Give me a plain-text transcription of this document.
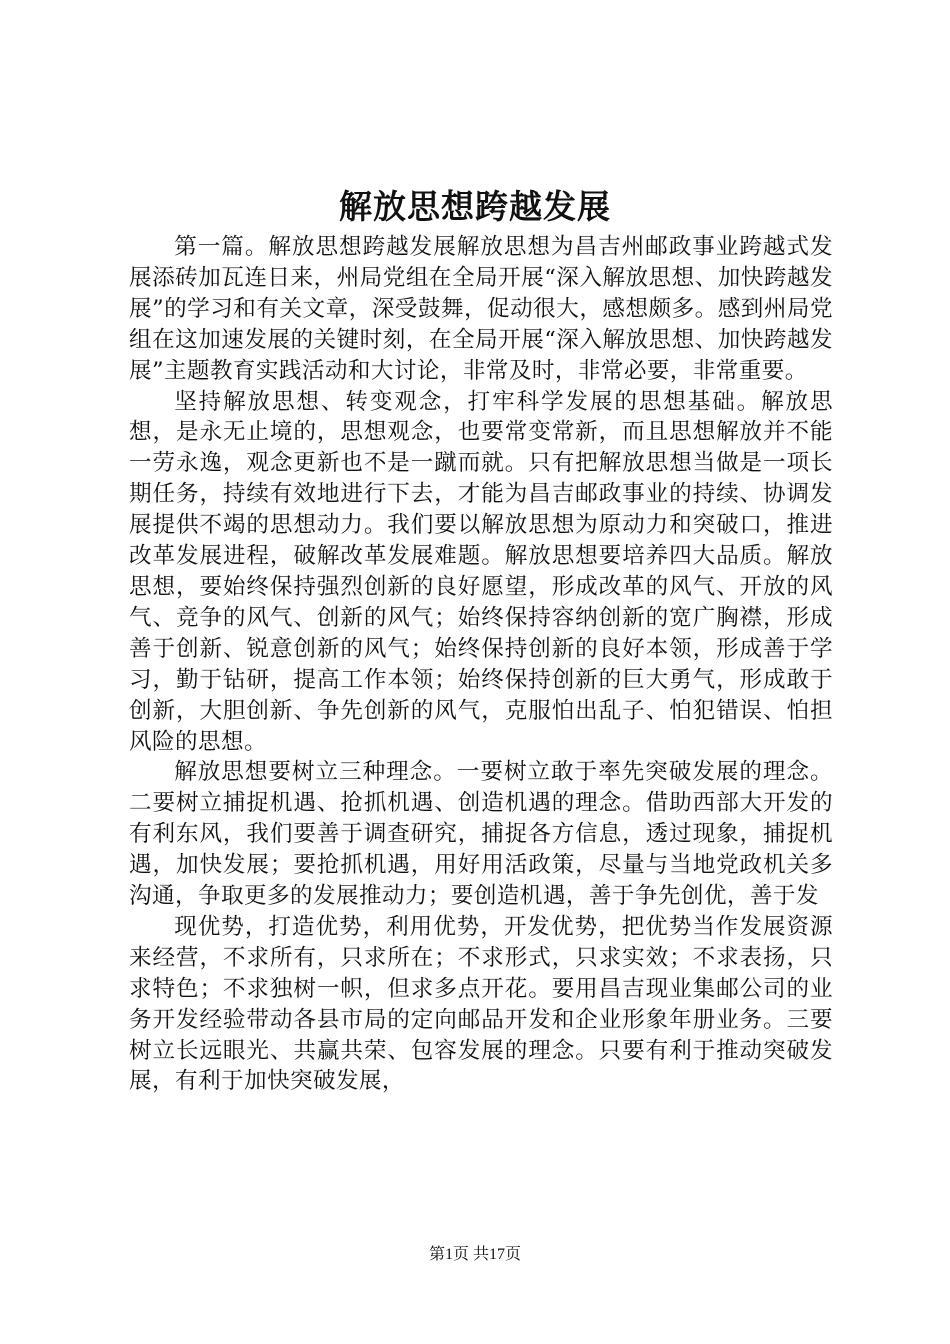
解放思想跨越发展

第一篇。解放思想跨越发展解放思想为昌吉州邮政事业跨越式发展添砖加瓦连日来，州局党组在全局开展“深入解放思想、加快跨越发展”的学习和有关文章，深受鼓舞，促动很大，感想颇多。感到州局党组在这加速发展的关键时刻，在全局开展“深入解放思想、加快跨越发展”主题教育实践活动和大讨论，非常及时，非常必要，非常重要。

坚持解放思想、转变观念，打牢科学发展的思想基础。解放思想，是永无止境的，思想观念，也要常变常新，而且思想解放并不能一劳永逸，观念更新也不是一蹴而就。只有把解放思想当做是一项长期任务，持续有效地进行下去，才能为昌吉邮政事业的持续、协调发展提供不竭的思想动力。我们要以解放思想为原动力和突破口，推进改革发展进程，破解改革发展难题。解放思想要培养四大品质。解放思想，要始终保持强烈创新的良好愿望，形成改革的风气、开放的风气、竞争的风气、创新的风气；始终保持容纳创新的宽广胸襟，形成善于创新、锐意创新的风气；始终保持创新的良好本领，形成善于学习，勤于钻研，提高工作本领；始终保持创新的巨大勇气，形成敢于创新，大胆创新、争先创新的风气，克服怕出乱子、怕犯错误、怕担风险的思想。

解放思想要树立三种理念。一要树立敢于率先突破发展的理念。二要树立捕捉机遇、抢抓机遇、创造机遇的理念。借助西部大开发的有利东风，我们要善于调查研究，捕捉各方信息，透过现象，捕捉机遇，加快发展；要抢抓机遇，用好用活政策，尽量与当地党政机关多沟通，争取更多的发展推动力；要创造机遇，善于争先创优，善于发

现优势，打造优势，利用优势，开发优势，把优势当作发展资源来经营，不求所有，只求所在；不求形式，只求实效；不求表扬，只求特色；不求独树一帜，但求多点开花。要用昌吉现业集邮公司的业务开发经验带动各县市局的定向邮品开发和企业形象年册业务。三要树立长远眼光、共赢共荣、包容发展的理念。只要有利于推动突破发展，有利于加快突破发展，

第1页 共17页
